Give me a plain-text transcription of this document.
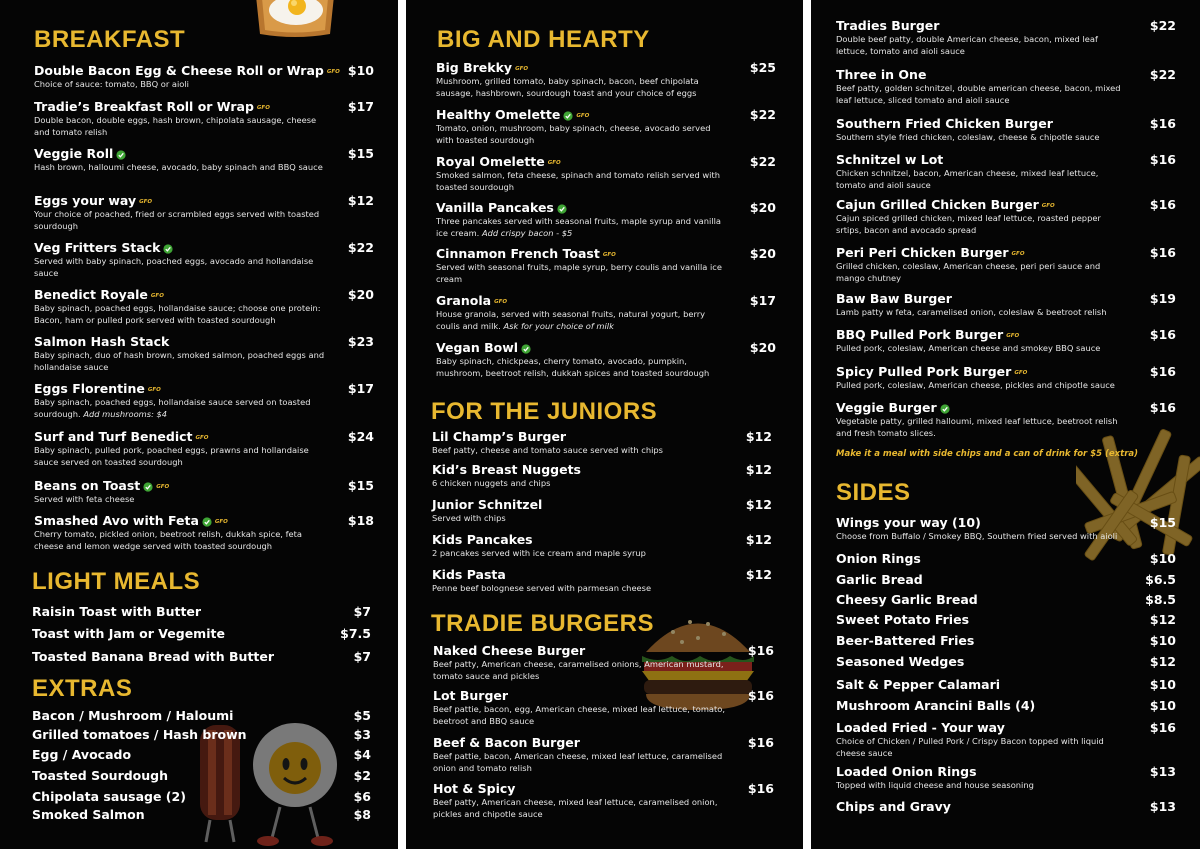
BREAKFAST
Double Bacon Egg & Cheese Roll or Wrap GFO $10
Choice of sauce: tomato, BBQ or aioli
Tradie’s Breakfast Roll or Wrap GFO	$17
Double bacon, double eggs, hash brown, chipolata sausage, cheese and tomato relish
Veggie Roll	$15
Hash brown, halloumi cheese, avocado, baby spinach and BBQ sauce
Eggs your way GFO	$12
Your choice of poached, fried or scrambled eggs served with toasted sourdough
Veg Fritters Stack	$22
Served with baby spinach, poached eggs, avocado and hollandaise sauce
Benedict Royale GFO	$20
Baby spinach, poached eggs, hollandaise sauce; choose one protein: Bacon, ham or pulled pork served with toasted sourdough
Salmon Hash Stack	$23
Baby spinach, duo of hash brown, smoked salmon, poached eggs and hollandaise sauce
Eggs Florentine GFO	$17
Baby spinach, poached eggs, hollandaise sauce served on toasted sourdough. Add mushrooms: $4
Surf and Turf Benedict GFO	$24
Baby spinach, pulled pork, poached eggs, prawns and hollandaise sauce served on toasted sourdough
Beans on Toast	GFO	$15
Served with feta cheese
Smashed Avo with Feta	GFO	$18
Cherry tomato, pickled onion, beetroot relish, dukkah spice, feta cheese and lemon wedge served with toasted sourdough
LIGHT MEALS
Raisin Toast with Butter	$7
Toast with Jam or Vegemite	$7.5
Toasted Banana Bread with Butter	$7
EXTRAS
Bacon / Mushroom / Haloumi	$5
Grilled tomatoes / Hash brown	$3
Egg / Avocado	$4
Toasted Sourdough	$2
Chipolata sausage (2)	$6
Smoked Salmon	$8
BIG AND HEARTY
Big Brekky GFO	$25
Mushroom, grilled tomato, baby spinach, bacon, beef chipolata sausage, hashbrown, sourdough toast and your choice of eggs
Healthy Omelette	GFO	$22
Tomato, onion, mushroom, baby spinach, cheese, avocado served with toasted sourdough
Royal Omelette GFO	$22
Smoked salmon, feta cheese, spinach and tomato relish served with toasted sourdough
Vanilla Pancakes	$20
Three pancakes served with seasonal fruits, maple syrup and vanilla ice cream. Add crispy bacon - $5
Cinnamon French Toast GFO	$20
Served with seasonal fruits, maple syrup, berry coulis and vanilla ice cream
Granola GFO	$17
House granola, served with seasonal fruits, natural yogurt, berry coulis and milk. Ask for your choice of milk
Vegan Bowl	$20
Baby spinach, chickpeas, cherry tomato, avocado, pumpkin, mushroom, beetroot relish, dukkah spices and toasted sourdough
FOR THE JUNIORS
Lil Champ’s Burger	$12
Beef patty, cheese and tomato sauce served with chips
Kid’s Breast Nuggets	$12
6 chicken nuggets and chips
Junior Schnitzel	$12
Served with chips
Kids Pancakes	$12
2 pancakes served with ice cream and maple syrup
Kids Pasta	$12
Penne beef bolognese served with parmesan cheese
TRADIE BURGERS
Naked Cheese Burger	$16
Beef patty, American cheese, caramelised onions, American mustard, tomato sauce and pickles
Lot Burger	$16
Beef pattie, bacon, egg, American cheese, mixed leaf lettuce, tomato, beetroot and BBQ sauce
Beef & Bacon Burger	$16
Beef pattie, bacon, American cheese, mixed leaf lettuce, caramelised onion and tomato relish
Hot & Spicy	$16
Beef patty, American cheese, mixed leaf lettuce, caramelised onion, pickles and chipotle sauce
Tradies Burger	$22
Double beef patty, double American cheese, bacon, mixed leaf lettuce, tomato and aioli sauce
Three in One	$22
Beef patty, golden schnitzel, double american cheese, bacon, mixed leaf lettuce, sliced tomato and aioli sauce
Southern Fried Chicken Burger	$16
Southern style fried chicken, coleslaw, cheese & chipotle sauce
Schnitzel w Lot	$16
Chicken schnitzel, bacon, American cheese, mixed leaf lettuce, tomato and aioli sauce
Cajun Grilled Chicken Burger GFO	$16
Cajun spiced grilled chicken, mixed leaf lettuce, roasted pepper srtips, bacon and avocado spread
Peri Peri Chicken Burger GFO	$16
Grilled chicken, coleslaw, American cheese, peri peri sauce and mango chutney
Baw Baw Burger	$19
Lamb patty w feta, caramelised onion, coleslaw & beetroot relish
BBQ Pulled Pork Burger GFO	$16
Pulled pork, coleslaw, American cheese and smokey BBQ sauce
Spicy Pulled Pork Burger GFO	$16
Pulled pork, coleslaw, American cheese, pickles and chipotle sauce
Veggie Burger	$16
Vegetable patty, grilled halloumi, mixed leaf lettuce, beetroot relish and fresh tomato slices.
Make it a meal with side chips and a can of drink for $5 (extra)
SIDES
Wings your way (10)	$15
Choose from Buffalo / Smokey BBQ, Southern fried served with aioli
Onion Rings	$10
Garlic Bread	$6.5
Cheesy Garlic Bread	$8.5
Sweet Potato Fries	$12
Beer-Battered Fries	$10
Seasoned Wedges	$12
Salt & Pepper Calamari	$10
Mushroom Arancini Balls (4)	$10
Loaded Fried - Your way	$16
Choice of Chicken / Pulled Pork / Crispy Bacon topped with liquid cheese sauce
Loaded Onion Rings	$13
Topped with liquid cheese and house seasoning
Chips and Gravy	$13
